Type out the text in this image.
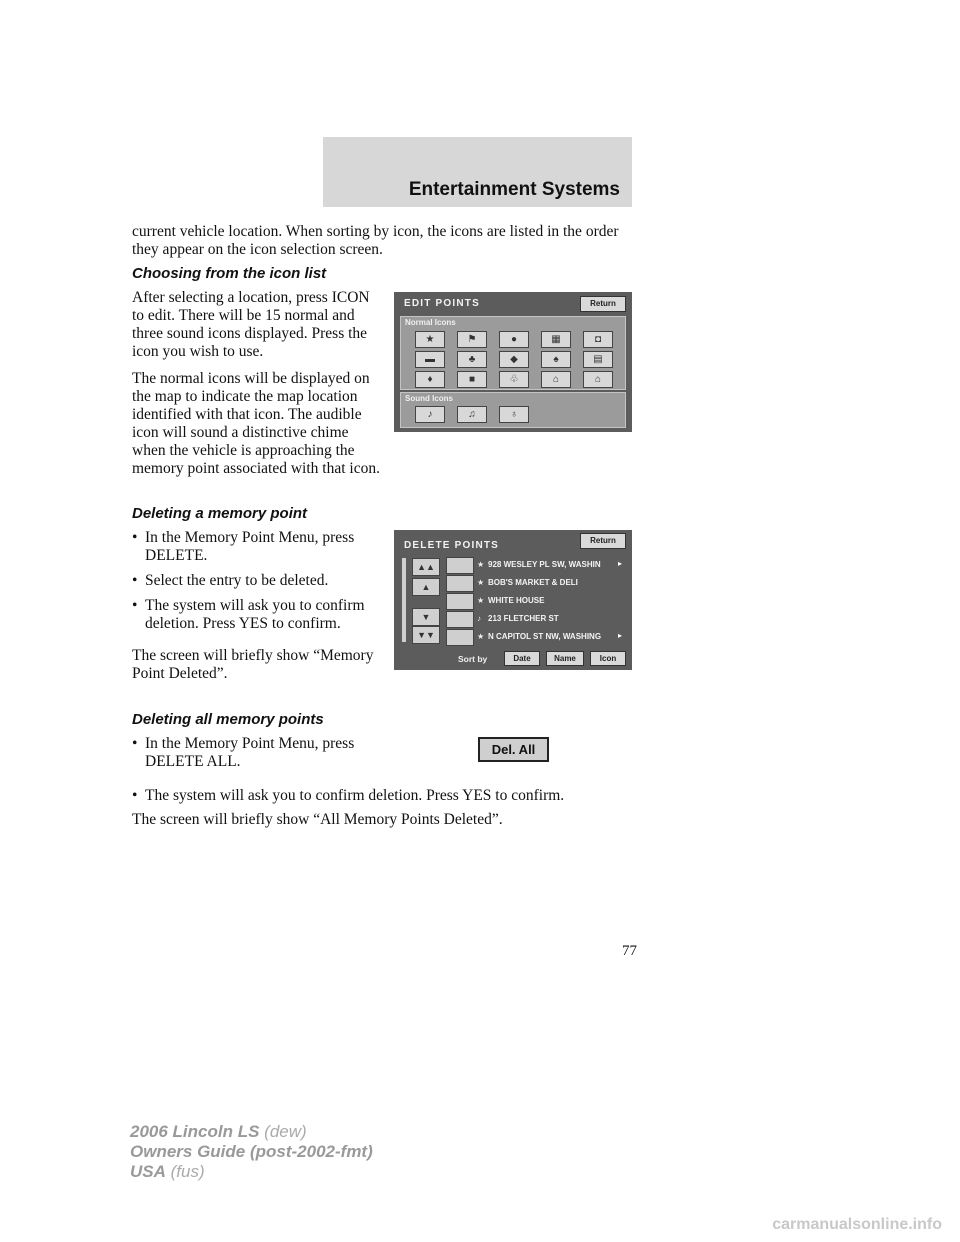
Entertainment Systems
current vehicle location. When sorting by icon, the icons are listed in the order they appear on the icon selection screen.
Choosing from the icon list

After selecting a location, press ICON to edit. There will be 15 normal and three sound icons displayed. Press the icon you wish to use.

The normal icons will be displayed on the map to indicate the map location identified with that icon. The audible icon will sound a distinctive chime when the vehicle is approaching the memory point associated with that icon.

EDIT POINTS	Return
Normal Icons
★	⚑	●	▦	◘
▬	♣	◆	♠	▤
♦	■	♧	⌂	⌂
Sound Icons
♪	♫	♁
Deleting a memory point
• In the Memory Point Menu, press DELETE.
• Select the entry to be deleted.
• The system will ask you to confirm deletion. Press YES to confirm.

The screen will briefly show “Memory Point Deleted”.

DELETE POINTS	Return
▲▲
▲
▼
▼▼
★ 928 WESLEY PL SW, WASHIN	▸
★ BOB'S MARKET & DELI
★ WHITE HOUSE
♪ 213 FLETCHER ST
★ N CAPITOL ST NW, WASHING	▸
Sort by	Date	Name	Icon
Deleting all memory points
• In the Memory Point Menu, press DELETE ALL.
Del. All
• The system will ask you to confirm deletion. Press YES to confirm.
The screen will briefly show “All Memory Points Deleted”.
77
2006 Lincoln LS (dew)
Owners Guide (post-2002-fmt)
USA (fus)
carmanualsonline.info
